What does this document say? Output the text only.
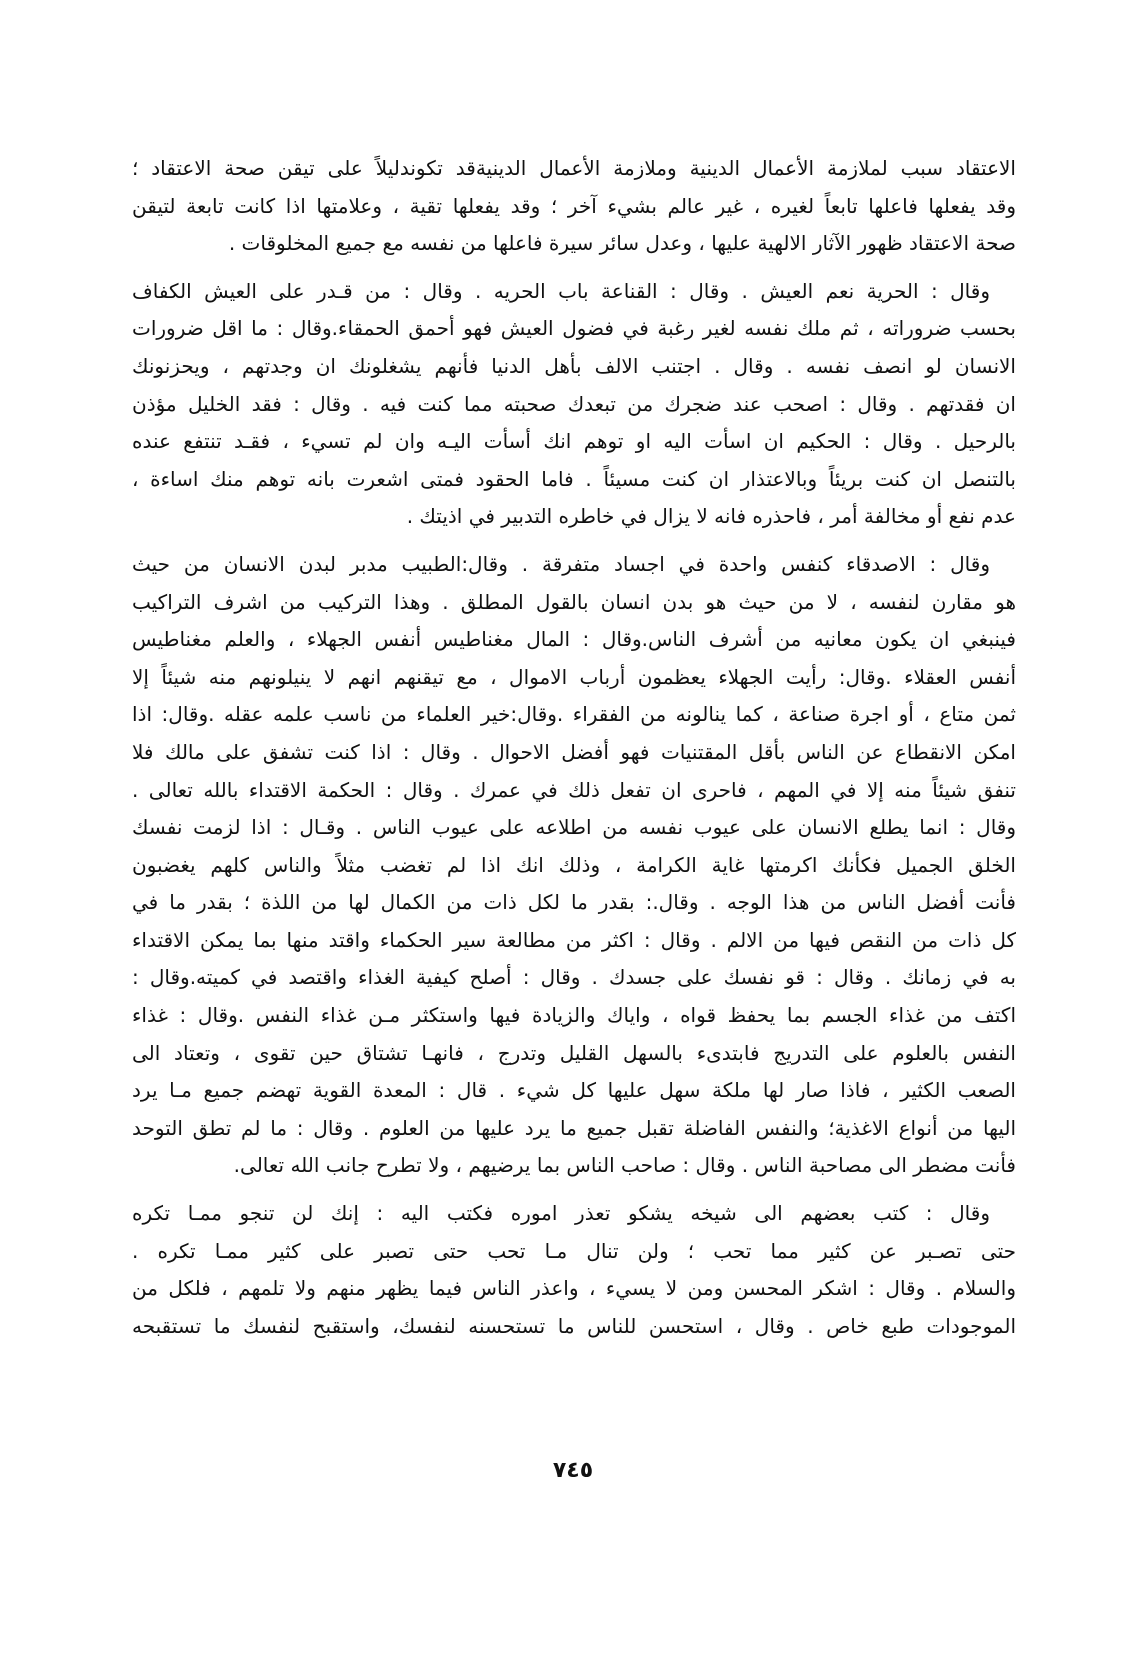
الاعتقاد سبب لملازمة الأعمال الدينية وملازمة الأعمال الدينيةقد تكوندليلاً على تيقن صحة الاعتقاد ؛
وقد يفعلها فاعلها تابعاً لغيره ، غير عالم بشيء آخر ؛ وقد يفعلها تقية ، وعلامتها اذا كانت تابعة لتيقن
صحة الاعتقاد ظهور الآثار الالهية عليها ، وعدل سائر سيرة فاعلها من نفسه مع جميع المخلوقات .
وقال : الحرية نعم العيش . وقال : القناعة باب الحريه . وقال : من قـدر على العيش الكفاف
بحسب ضروراته ، ثم ملك نفسه لغير رغبة في فضول العيش فهو أحمق الحمقاء.وقال : ما اقل ضرورات
الانسان لو انصف نفسه . وقال . اجتنب الالف بأهل الدنيا فأنهم يشغلونك ان وجدتهم ، ويحزنونك
ان فقدتهم . وقال : اصحب عند ضجرك من تبعدك صحبته مما كنت فيه . وقال : فقد الخليل مؤذن
بالرحيل . وقال : الحكيم ان اسأت اليه او توهم انك أسأت اليـه وان لم تسيء ، فقـد تنتفع عنده
بالتنصل ان كنت بريئاً وبالاعتذار ان كنت مسيئاً . فاما الحقود فمتى اشعرت بانه توهم منك اساءة ،
عدم نفع أو مخالفة أمر ، فاحذره فانه لا يزال في خاطره التدبير في اذيتك .
وقال : الاصدقاء كنفس واحدة في اجساد متفرقة . وقال:الطبيب مدبر لبدن الانسان من حيث
هو مقارن لنفسه ، لا من حيث هو بدن انسان بالقول المطلق . وهذا التركيب من اشرف التراكيب
فينبغي ان يكون معانيه من أشرف الناس.وقال : المال مغناطيس أنفس الجهلاء ، والعلم مغناطيس
أنفس العقلاء .وقال: رأيت الجهلاء يعظمون أرباب الاموال ، مع تيقنهم انهم لا ينيلونهم منه شيئاً إلا
ثمن متاع ، أو اجرة صناعة ، كما ينالونه من الفقراء .وقال:خير العلماء من ناسب علمه عقله .وقال: اذا
امكن الانقطاع عن الناس بأقل المقتنيات فهو أفضل الاحوال . وقال : اذا كنت تشفق على مالك فلا
تنفق شيئاً منه إلا في المهم ، فاحرى ان تفعل ذلك في عمرك . وقال : الحكمة الاقتداء بالله تعالى .
وقال : انما يطلع الانسان على عيوب نفسه من اطلاعه على عيوب الناس . وقـال : اذا لزمت نفسك
الخلق الجميل فكأنك اكرمتها غاية الكرامة ، وذلك انك اذا لم تغضب مثلاً والناس كلهم يغضبون
فأنت أفضل الناس من هذا الوجه . وقال.: بقدر ما لكل ذات من الكمال لها من اللذة ؛ بقدر ما في
كل ذات من النقص فيها من الالم . وقال : اكثر من مطالعة سير الحكماء واقتد منها بما يمكن الاقتداء
به في زمانك . وقال : قو نفسك على جسدك . وقال : أصلح كيفية الغذاء واقتصد في كميته.وقال :
اكتف من غذاء الجسم بما يحفظ قواه ، واياك والزيادة فيها واستكثر مـن غذاء النفس .وقال : غذاء
النفس بالعلوم على التدريج فابتدىء بالسهل القليل وتدرج ، فانهـا تشتاق حين تقوى ، وتعتاد الى
الصعب الكثير ، فاذا صار لها ملكة سهل عليها كل شيء . قال : المعدة القوية تهضم جميع مـا يرد
اليها من أنواع الاغذية؛ والنفس الفاضلة تقبل جميع ما يرد عليها من العلوم . وقال : ما لم تطق التوحد
فأنت مضطر الى مصاحبة الناس . وقال : صاحب الناس بما يرضيهم ، ولا تطرح جانب الله تعالى.
وقال : كتب بعضهم الى شيخه يشكو تعذر اموره فكتب اليه : إنك لن تنجو ممـا تكره
حتى تصـبر عن كثير مما تحب ؛ ولن تنال مـا تحب حتى تصبر على كثير ممـا تكره .
والسلام . وقال : اشكر المحسن ومن لا يسيء ، واعذر الناس فيما يظهر منهم ولا تلمهم ، فلكل من
الموجودات طبع خاص . وقال ، استحسن للناس ما تستحسنه لنفسك، واستقبح لنفسك ما تستقبحه
٧٤٥
